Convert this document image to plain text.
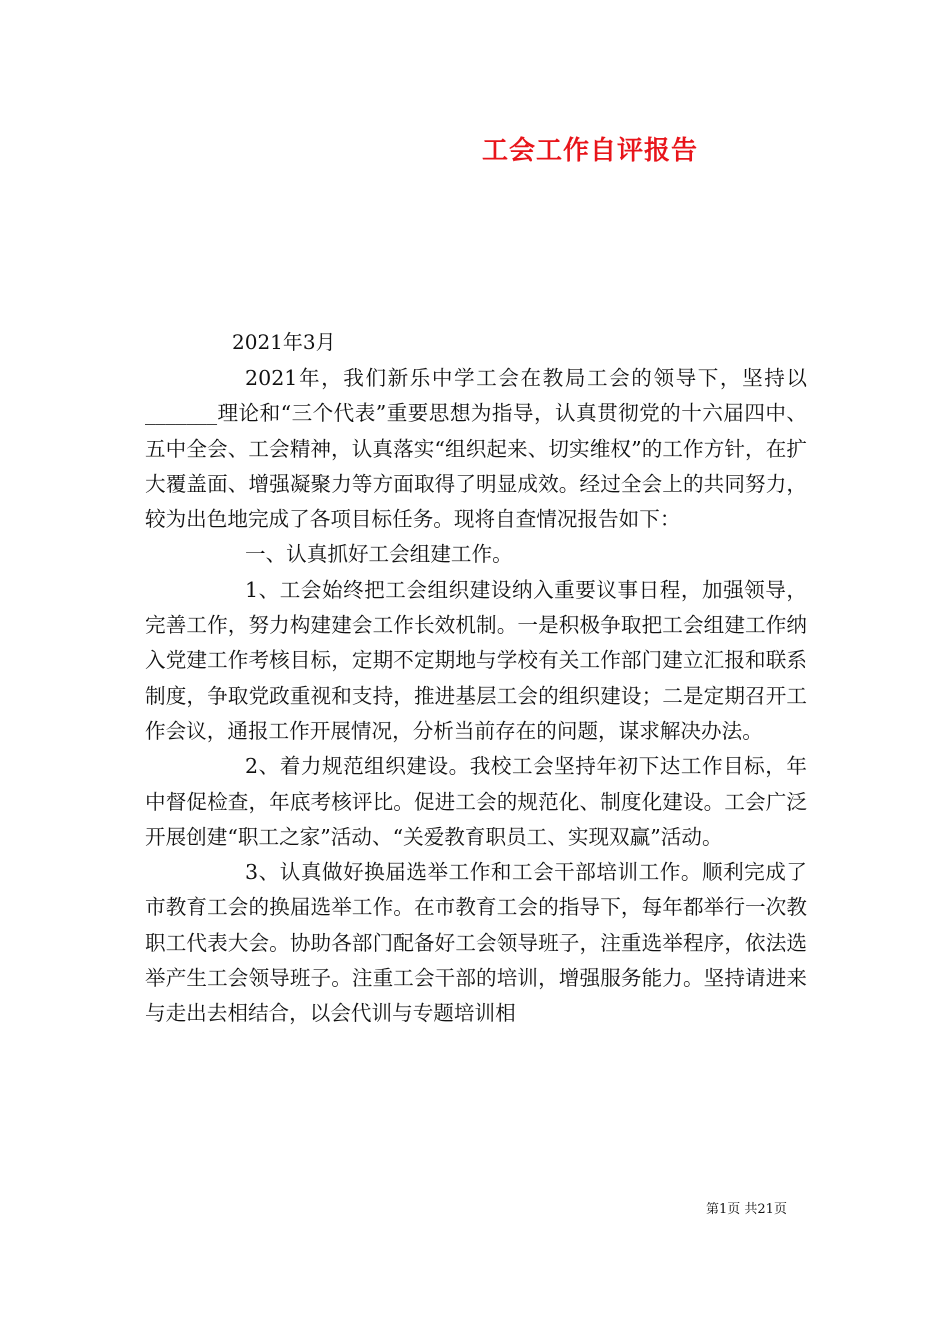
工会工作自评报告
2021年3月

2021年，我们新乐中学工会在教局工会的领导下，坚持以_______理论和“三个代表”重要思想为指导，认真贯彻党的十六届四中、五中全会、工会精神，认真落实“组织起来、切实维权”的工作方针，在扩大覆盖面、增强凝聚力等方面取得了明显成效。经过全会上的共同努力，较为出色地完成了各项目标任务。现将自查情况报告如下：

一、认真抓好工会组建工作。

1、工会始终把工会组织建设纳入重要议事日程，加强领导，完善工作，努力构建建会工作长效机制。一是积极争取把工会组建工作纳入党建工作考核目标，定期不定期地与学校有关工作部门建立汇报和联系制度，争取党政重视和支持，推进基层工会的组织建设；二是定期召开工作会议，通报工作开展情况，分析当前存在的问题，谋求解决办法。

2、着力规范组织建设。我校工会坚持年初下达工作目标，年中督促检查，年底考核评比。促进工会的规范化、制度化建设。工会广泛开展创建“职工之家”活动、“关爱教育职员工、实现双赢”活动。

3、认真做好换届选举工作和工会干部培训工作。顺利完成了市教育工会的换届选举工作。在市教育工会的指导下，每年都举行一次教职工代表大会。协助各部门配备好工会领导班子，注重选举程序，依法选举产生工会领导班子。注重工会干部的培训，增强服务能力。坚持请进来与走出去相结合，以会代训与专题培训相

第1页 共21页
